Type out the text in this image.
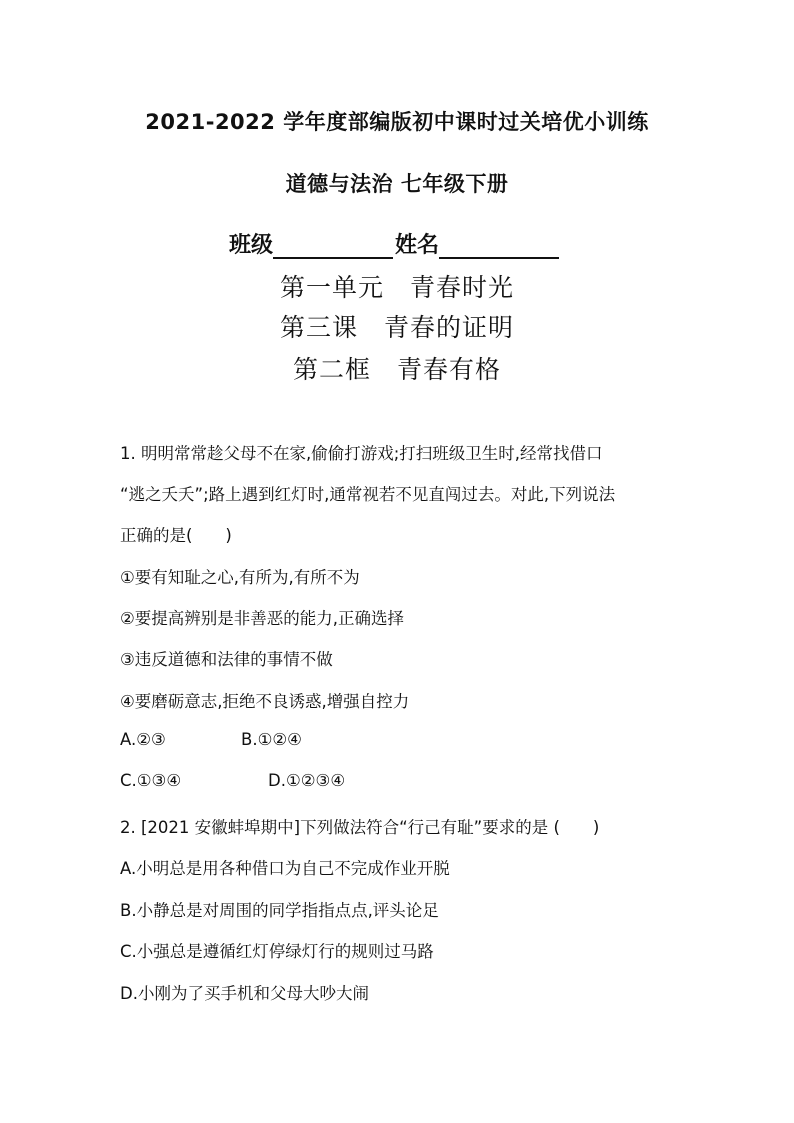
2021-2022 学年度部编版初中课时过关培优小训练
道德与法治 七年级下册
班级	姓名
第一单元　青春时光
第三课　青春的证明
第二框　青春有格
1. 明明常常趁父母不在家,偷偷打游戏;打扫班级卫生时,经常找借口
“逃之夭夭”;路上遇到红灯时,通常视若不见直闯过去。对此,下列说法
正确的是(　　)
①要有知耻之心,有所为,有所不为
②要提高辨别是非善恶的能力,正确选择
③违反道德和法律的事情不做
④要磨砺意志,拒绝不良诱惑,增强自控力
A.②③	B.①②④
C.①③④	D.①②③④
2. [2021 安徽蚌埠期中]下列做法符合“行己有耻”要求的是 (　　)
A.小明总是用各种借口为自己不完成作业开脱
B.小静总是对周围的同学指指点点,评头论足
C.小强总是遵循红灯停绿灯行的规则过马路
D.小刚为了买手机和父母大吵大闹
